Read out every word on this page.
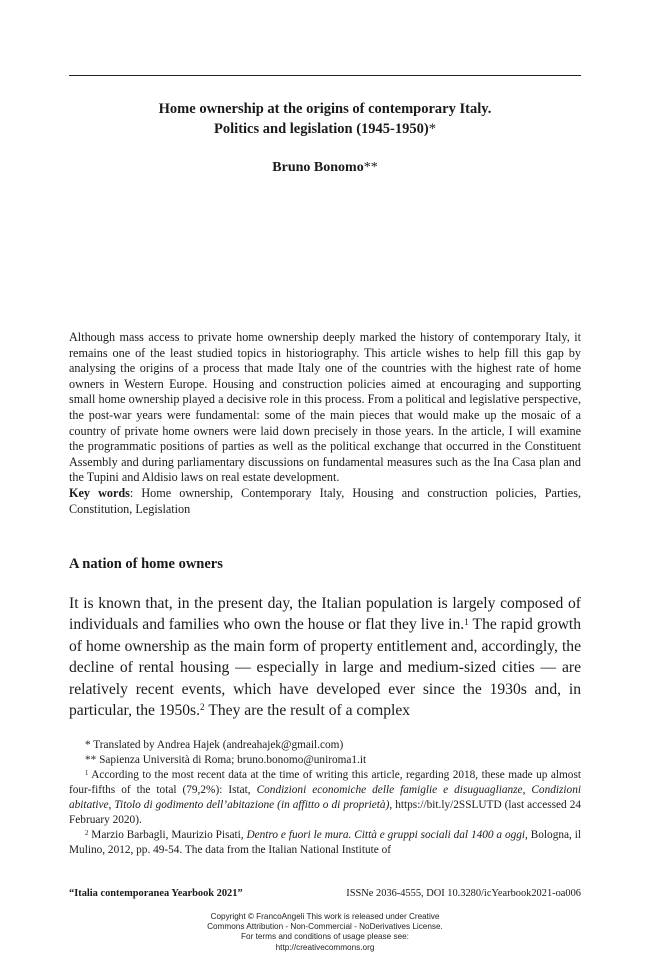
Home ownership at the origins of contemporary Italy.
Politics and legislation (1945-1950)*
Bruno Bonomo**

Although mass access to private home ownership deeply marked the history of contemporary Italy, it remains one of the least studied topics in historiography. This article wishes to help fill this gap by analysing the origins of a process that made Italy one of the countries with the highest rate of home owners in Western Europe. Housing and construction policies aimed at encouraging and supporting small home ownership played a decisive role in this process. From a political and legislative perspective, the post-war years were fundamental: some of the main pieces that would make up the mosaic of a country of private home owners were laid down precisely in those years. In the article, I will examine the programmatic positions of parties as well as the political exchange that occurred in the Constituent Assembly and during parliamentary discussions on fundamental measures such as the Ina Casa plan and the Tupini and Aldisio laws on real estate development.

Key words: Home ownership, Contemporary Italy, Housing and construction policies, Parties, Constitution, Legislation

A nation of home owners

It is known that, in the present day, the Italian population is largely composed of individuals and families who own the house or flat they live in.$^1$ The rapid growth of home ownership as the main form of property entitlement and, accordingly, the decline of rental housing — especially in large and medium-sized cities — are relatively recent events, which have developed ever since the 1930s and, in particular, the 1950s.$^2$ They are the result of a complex

* Translated by Andrea Hajek (andreahajek@gmail.com)

** Sapienza Università di Roma; bruno.bonomo@uniroma1.it

$^1$ According to the most recent data at the time of writing this article, regarding 2018, these made up almost four-fifths of the total (79,2%): Istat, Condizioni economiche delle famiglie e disuguaglianze, Condizioni abitative, Titolo di godimento dell’abitazione (in affitto o di proprietà), https://bit.ly/2SSLUTD (last accessed 24 February 2020).

$^2$ Marzio Barbagli, Maurizio Pisati, Dentro e fuori le mura. Città e gruppi sociali dal 1400 a oggi, Bologna, il Mulino, 2012, pp. 49-54. The data from the Italian National Institute of

“Italia contemporanea Yearbook 2021”	ISSNe 2036-4555, DOI 10.3280/icYearbook2021-oa006
Copyright © FrancoAngeli This work is released under Creative
Commons Attribution - Non-Commercial - NoDerivatives License.
For terms and conditions of usage please see:
http://creativecommons.org
